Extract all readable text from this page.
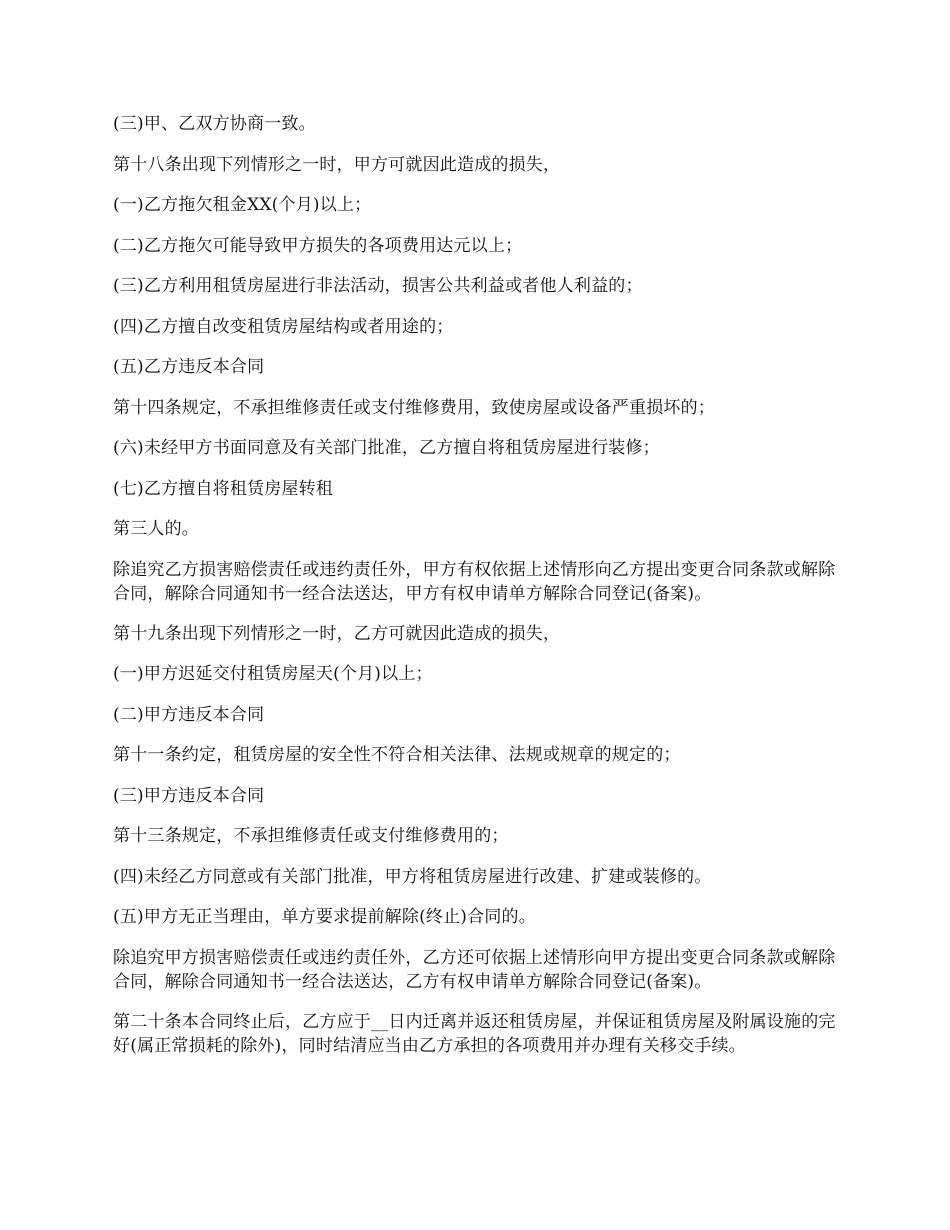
(三)甲、乙双方协商一致。

第十八条出现下列情形之一时，甲方可就因此造成的损失，

(一)乙方拖欠租金XX(个月)以上；

(二)乙方拖欠可能导致甲方损失的各项费用达元以上；

(三)乙方利用租赁房屋进行非法活动，损害公共利益或者他人利益的；

(四)乙方擅自改变租赁房屋结构或者用途的；

(五)乙方违反本合同

第十四条规定，不承担维修责任或支付维修费用，致使房屋或设备严重损坏的；

(六)未经甲方书面同意及有关部门批准，乙方擅自将租赁房屋进行装修；

(七)乙方擅自将租赁房屋转租

第三人的。

除追究乙方损害赔偿责任或违约责任外，甲方有权依据上述情形向乙方提出变更合同条款或解除合同，解除合同通知书一经合法送达，甲方有权申请单方解除合同登记(备案)。

第十九条出现下列情形之一时，乙方可就因此造成的损失，

(一)甲方迟延交付租赁房屋天(个月)以上；

(二)甲方违反本合同

第十一条约定，租赁房屋的安全性不符合相关法律、法规或规章的规定的；

(三)甲方违反本合同

第十三条规定，不承担维修责任或支付维修费用的；

(四)未经乙方同意或有关部门批准，甲方将租赁房屋进行改建、扩建或装修的。

(五)甲方无正当理由，单方要求提前解除(终止)合同的。

除追究甲方损害赔偿责任或违约责任外，乙方还可依据上述情形向甲方提出变更合同条款或解除合同，解除合同通知书一经合法送达，乙方有权申请单方解除合同登记(备案)。

第二十条本合同终止后，乙方应于__日内迁离并返还租赁房屋，并保证租赁房屋及附属设施的完好(属正常损耗的除外)，同时结清应当由乙方承担的各项费用并办理有关移交手续。
